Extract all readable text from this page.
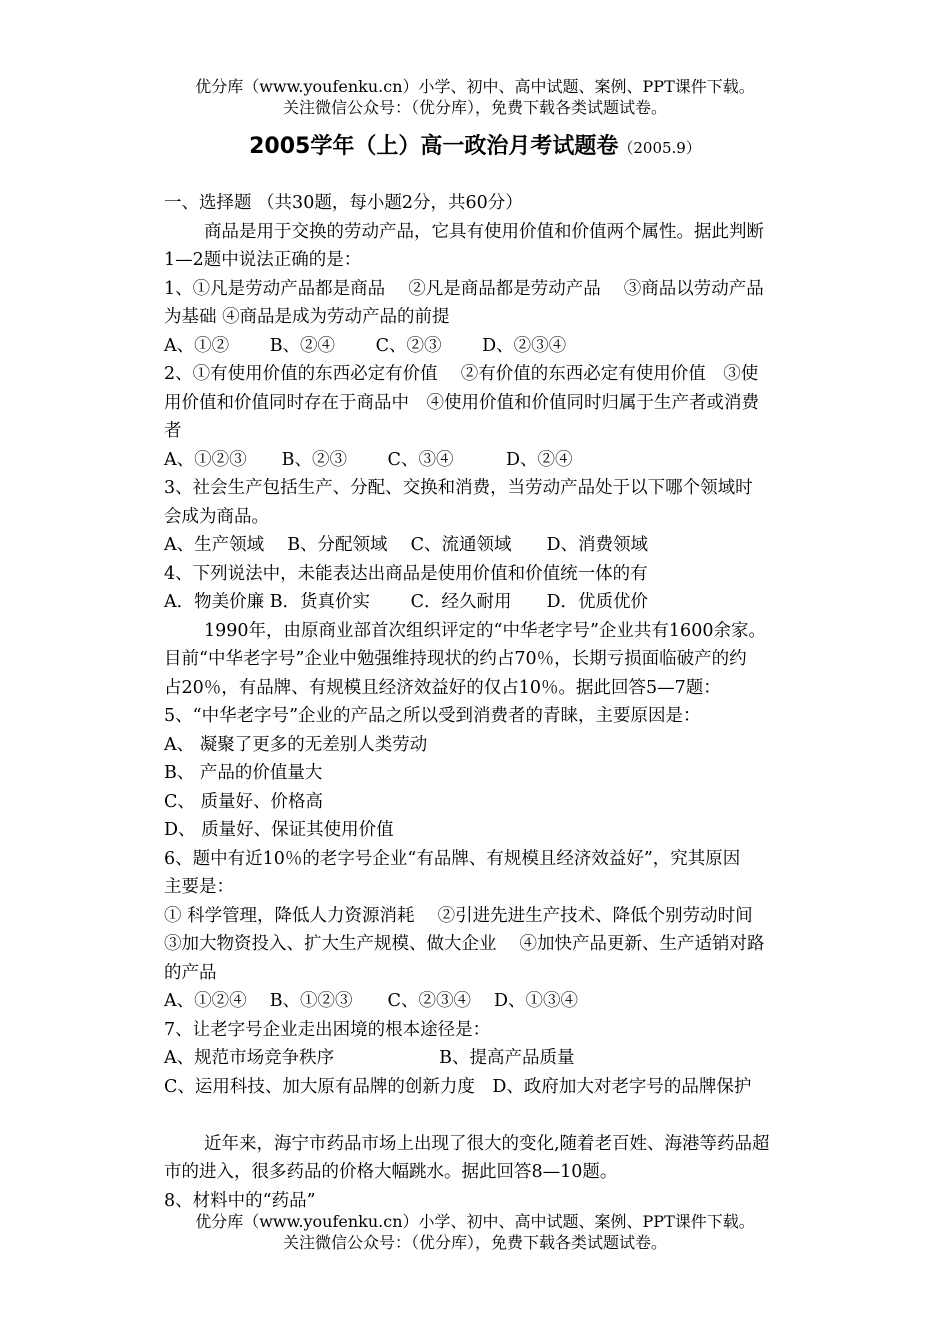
优分库（www.youfenku.cn）小学、初中、高中试题、案例、PPT课件下载。
关注微信公众号：（优分库），免费下载各类试题试卷。
2005学年（上）高一政治月考试题卷（2005.9）

一、选择题 （共30题，每小题2分，共60分）

商品是用于交换的劳动产品，它具有使用价值和价值两个属性。据此判断

1—2题中说法正确的是：

1、①凡是劳动产品都是商品　 ②凡是商品都是劳动产品　 ③商品以劳动产品

为基础 ④商品是成为劳动产品的前提

A、①②　　 B、②④　　 C、②③　　 D、②③④

2、①有使用价值的东西必定有价值　 ②有价值的东西必定有使用价值　③使

用价值和价值同时存在于商品中　④使用价值和价值同时归属于生产者或消费

者

A、①②③　　B、②③　　 C、③④　　　D、②④

3、社会生产包括生产、分配、交换和消费，当劳动产品处于以下哪个领域时

会成为商品。

A、生产领域　 B、分配领域　 C、流通领域　　D、消费领域

4、下列说法中，未能表达出商品是使用价值和价值统一体的有

A．物美价廉 B．货真价实　　 C．经久耐用　　D．优质优价

1990年，由原商业部首次组织评定的“中华老字号”企业共有1600余家。

目前“中华老字号”企业中勉强维持现状的约占70％，长期亏损面临破产的约

占20％，有品牌、有规模且经济效益好的仅占10％。据此回答5—7题：

5、“中华老字号”企业的产品之所以受到消费者的青睐，主要原因是：

A、 凝聚了更多的无差别人类劳动

B、 产品的价值量大

C、 质量好、价格高

D、 质量好、保证其使用价值

6、题中有近10％的老字号企业“有品牌、有规模且经济效益好”，究其原因

主要是：

① 科学管理，降低人力资源消耗　 ②引进先进生产技术、降低个别劳动时间

③加大物资投入、扩大生产规模、做大企业　 ④加快产品更新、生产适销对路

的产品

A、①②④　 B、①②③　　C、②③④　 D、①③④

7、让老字号企业走出困境的根本途径是：

A、规范市场竞争秩序　　　　　　B、提高产品质量

C、运用科技、加大原有品牌的创新力度　D、政府加大对老字号的品牌保护

近年来，海宁市药品市场上出现了很大的变化,随着老百姓、海港等药品超

市的进入，很多药品的价格大幅跳水。据此回答8—10题。

8、材料中的“药品”

优分库（www.youfenku.cn）小学、初中、高中试题、案例、PPT课件下载。
关注微信公众号：（优分库），免费下载各类试题试卷。
